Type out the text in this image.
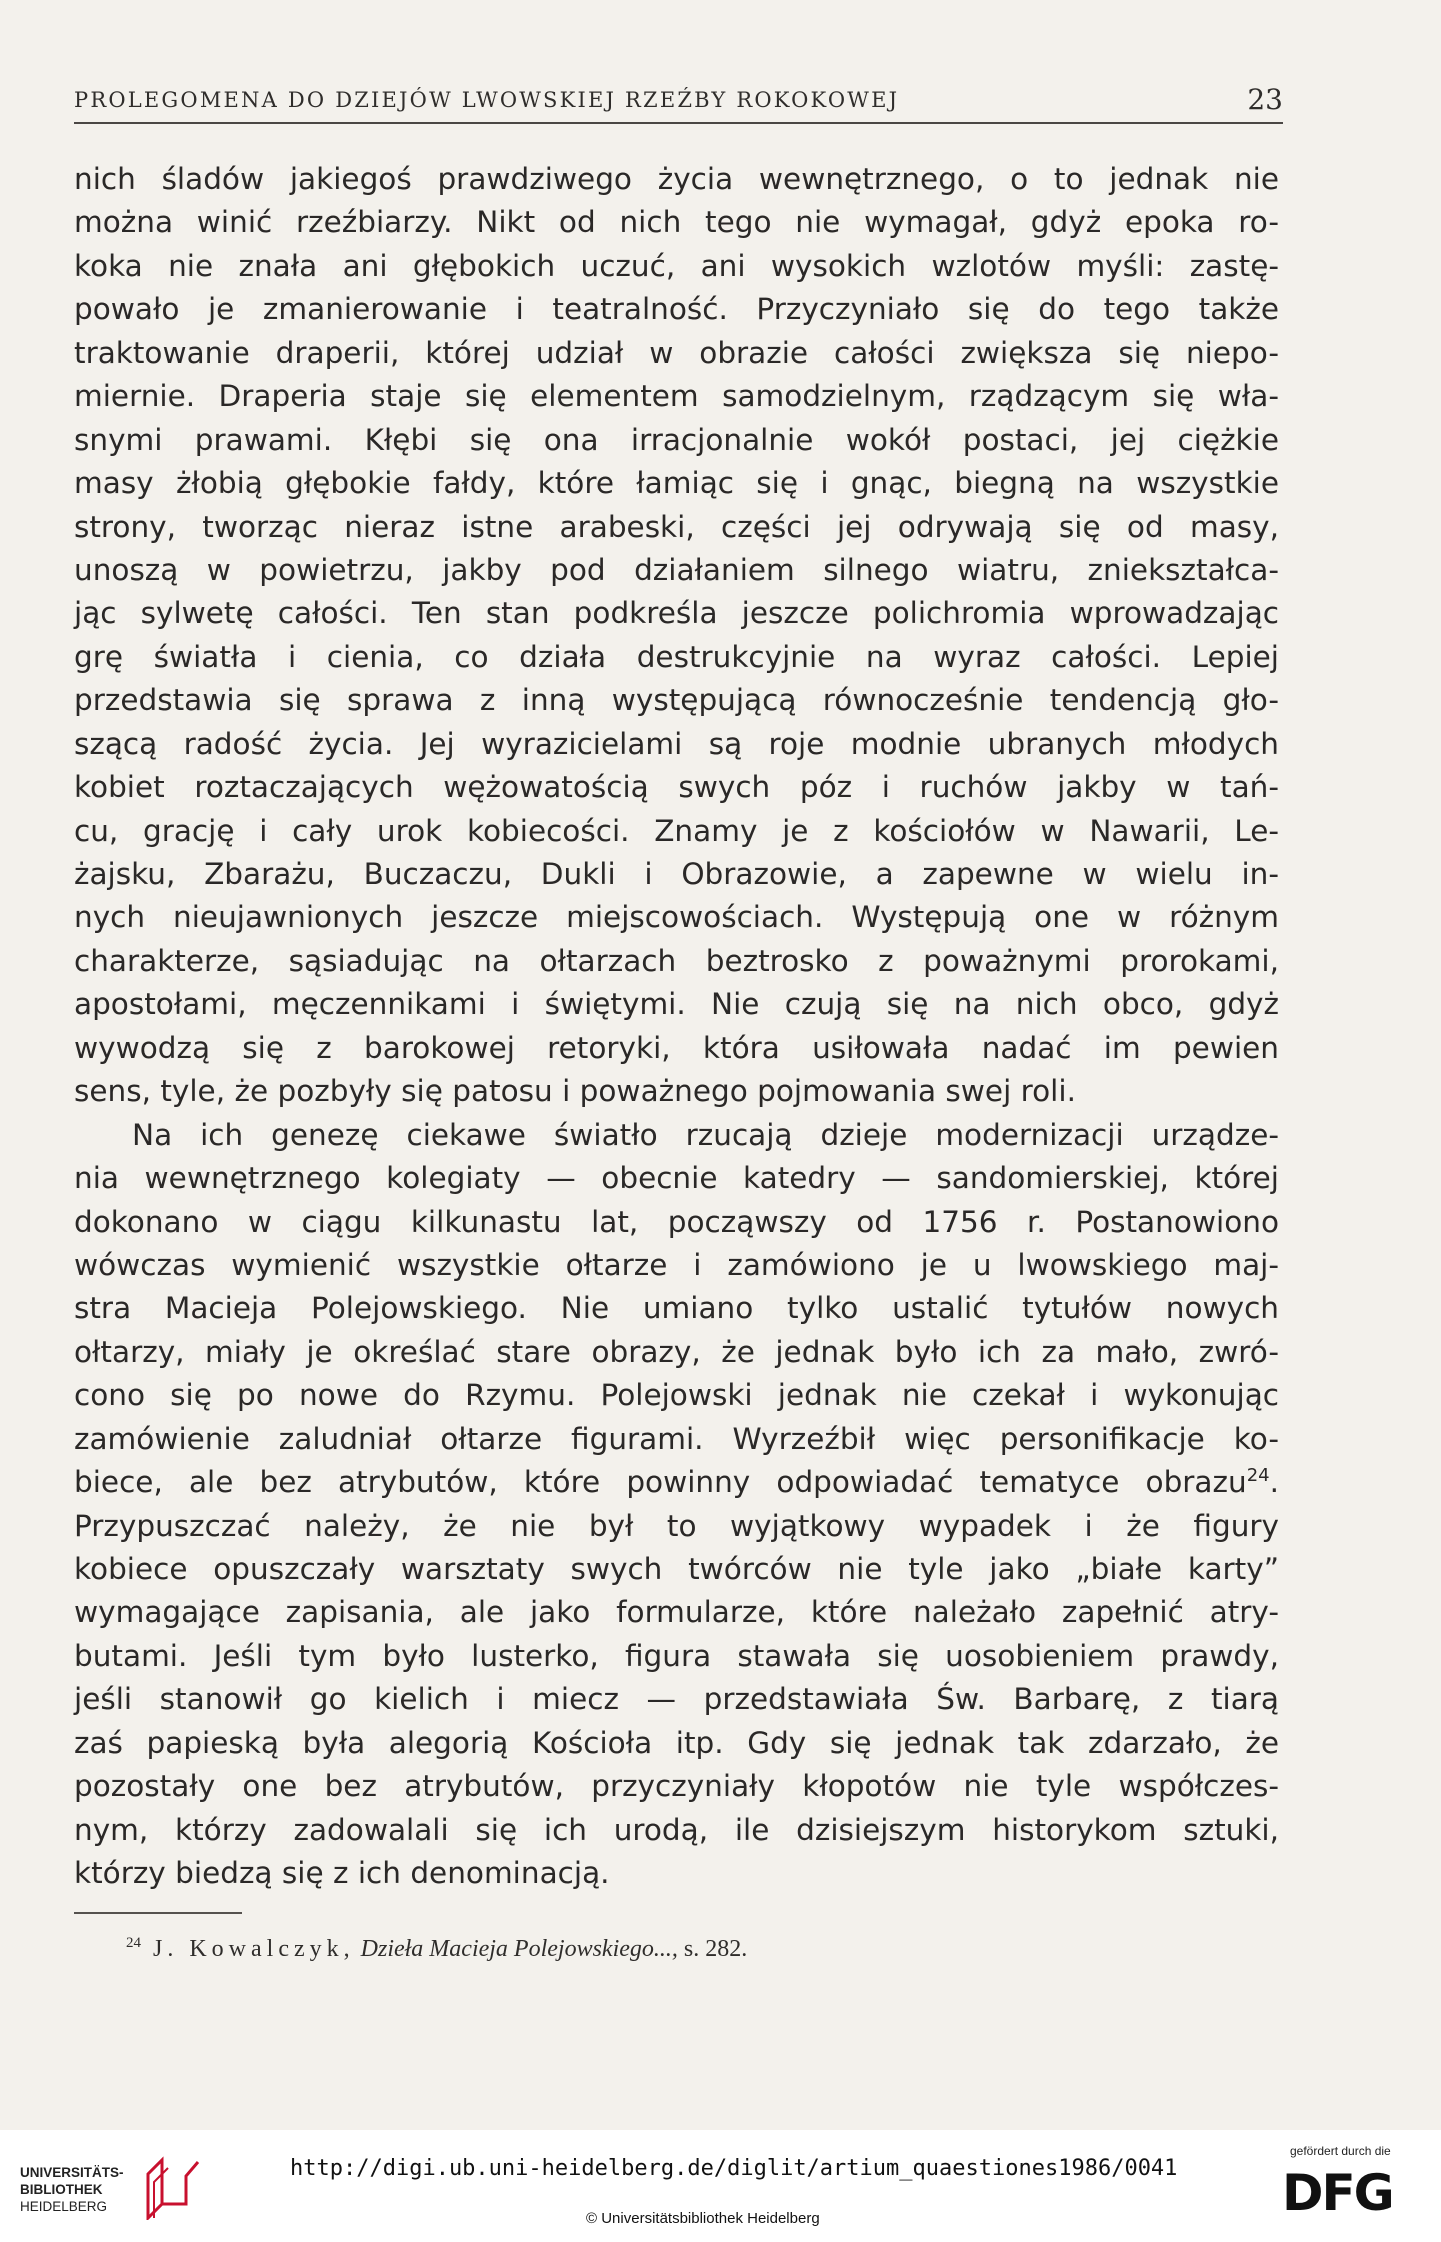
PROLEGOMENA DO DZIEJÓW LWOWSKIEJ RZEŹBY ROKOKOWEJ	23
nich śladów jakiegoś prawdziwego życia wewnętrznego, o to jednak nie
można winić rzeźbiarzy. Nikt od nich tego nie wymagał, gdyż epoka ro-
koka nie znała ani głębokich uczuć, ani wysokich wzlotów myśli: zastę-
powało je zmanierowanie i teatralność. Przyczyniało się do tego także
traktowanie draperii, której udział w obrazie całości zwiększa się niepo-
miernie. Draperia staje się elementem samodzielnym, rządzącym się wła-
snymi prawami. Kłębi się ona irracjonalnie wokół postaci, jej ciężkie
masy żłobią głębokie fałdy, które łamiąc się i gnąc, biegną na wszystkie
strony, tworząc nieraz istne arabeski, części jej odrywają się od masy,
unoszą w powietrzu, jakby pod działaniem silnego wiatru, zniekształca-
jąc sylwetę całości. Ten stan podkreśla jeszcze polichromia wprowadzając
grę światła i cienia, co działa destrukcyjnie na wyraz całości. Lepiej
przedstawia się sprawa z inną występującą równocześnie tendencją gło-
szącą radość życia. Jej wyrazicielami są roje modnie ubranych młodych
kobiet roztaczających wężowatością swych póz i ruchów jakby w tań-
cu, grację i cały urok kobiecości. Znamy je z kościołów w Nawarii, Le-
żajsku, Zbarażu, Buczaczu, Dukli i Obrazowie, a zapewne w wielu in-
nych nieujawnionych jeszcze miejscowościach. Występują one w różnym
charakterze, sąsiadując na ołtarzach beztrosko z poważnymi prorokami,
apostołami, męczennikami i świętymi. Nie czują się na nich obco, gdyż
wywodzą się z barokowej retoryki, która usiłowała nadać im pewien
sens, tyle, że pozbyły się patosu i poważnego pojmowania swej roli.
Na ich genezę ciekawe światło rzucają dzieje modernizacji urządze-
nia wewnętrznego kolegiaty — obecnie katedry — sandomierskiej, której
dokonano w ciągu kilkunastu lat, począwszy od 1756 r. Postanowiono
wówczas wymienić wszystkie ołtarze i zamówiono je u lwowskiego maj-
stra Macieja Polejowskiego. Nie umiano tylko ustalić tytułów nowych
ołtarzy, miały je określać stare obrazy, że jednak było ich za mało, zwró-
cono się po nowe do Rzymu. Polejowski jednak nie czekał i wykonując
zamówienie zaludniał ołtarze figurami. Wyrzeźbił więc personifikacje ko-
biece, ale bez atrybutów, które powinny odpowiadać tematyce obrazu$^{24}$.
Przypuszczać należy, że nie był to wyjątkowy wypadek i że figury
kobiece opuszczały warsztaty swych twórców nie tyle jako „białe karty”
wymagające zapisania, ale jako formularze, które należało zapełnić atry-
butami. Jeśli tym było lusterko, figura stawała się uosobieniem prawdy,
jeśli stanowił go kielich i miecz — przedstawiała Św. Barbarę, z tiarą
zaś papieską była alegorią Kościoła itp. Gdy się jednak tak zdarzało, że
pozostały one bez atrybutów, przyczyniały kłopotów nie tyle współczes-
nym, którzy zadowalali się ich urodą, ile dzisiejszym historykom sztuki,
którzy biedzą się z ich denominacją.
$^{24}$ J. Kowalczyk, Dzieła Macieja Polejowskiego..., s. 282.
UNIVERSITÄTS-
BIBLIOTHEK
HEIDELBERG
http://digi.ub.uni-heidelberg.de/diglit/artium_quaestiones1986/0041
© Universitätsbibliothek Heidelberg
gefördert durch die
DFG
